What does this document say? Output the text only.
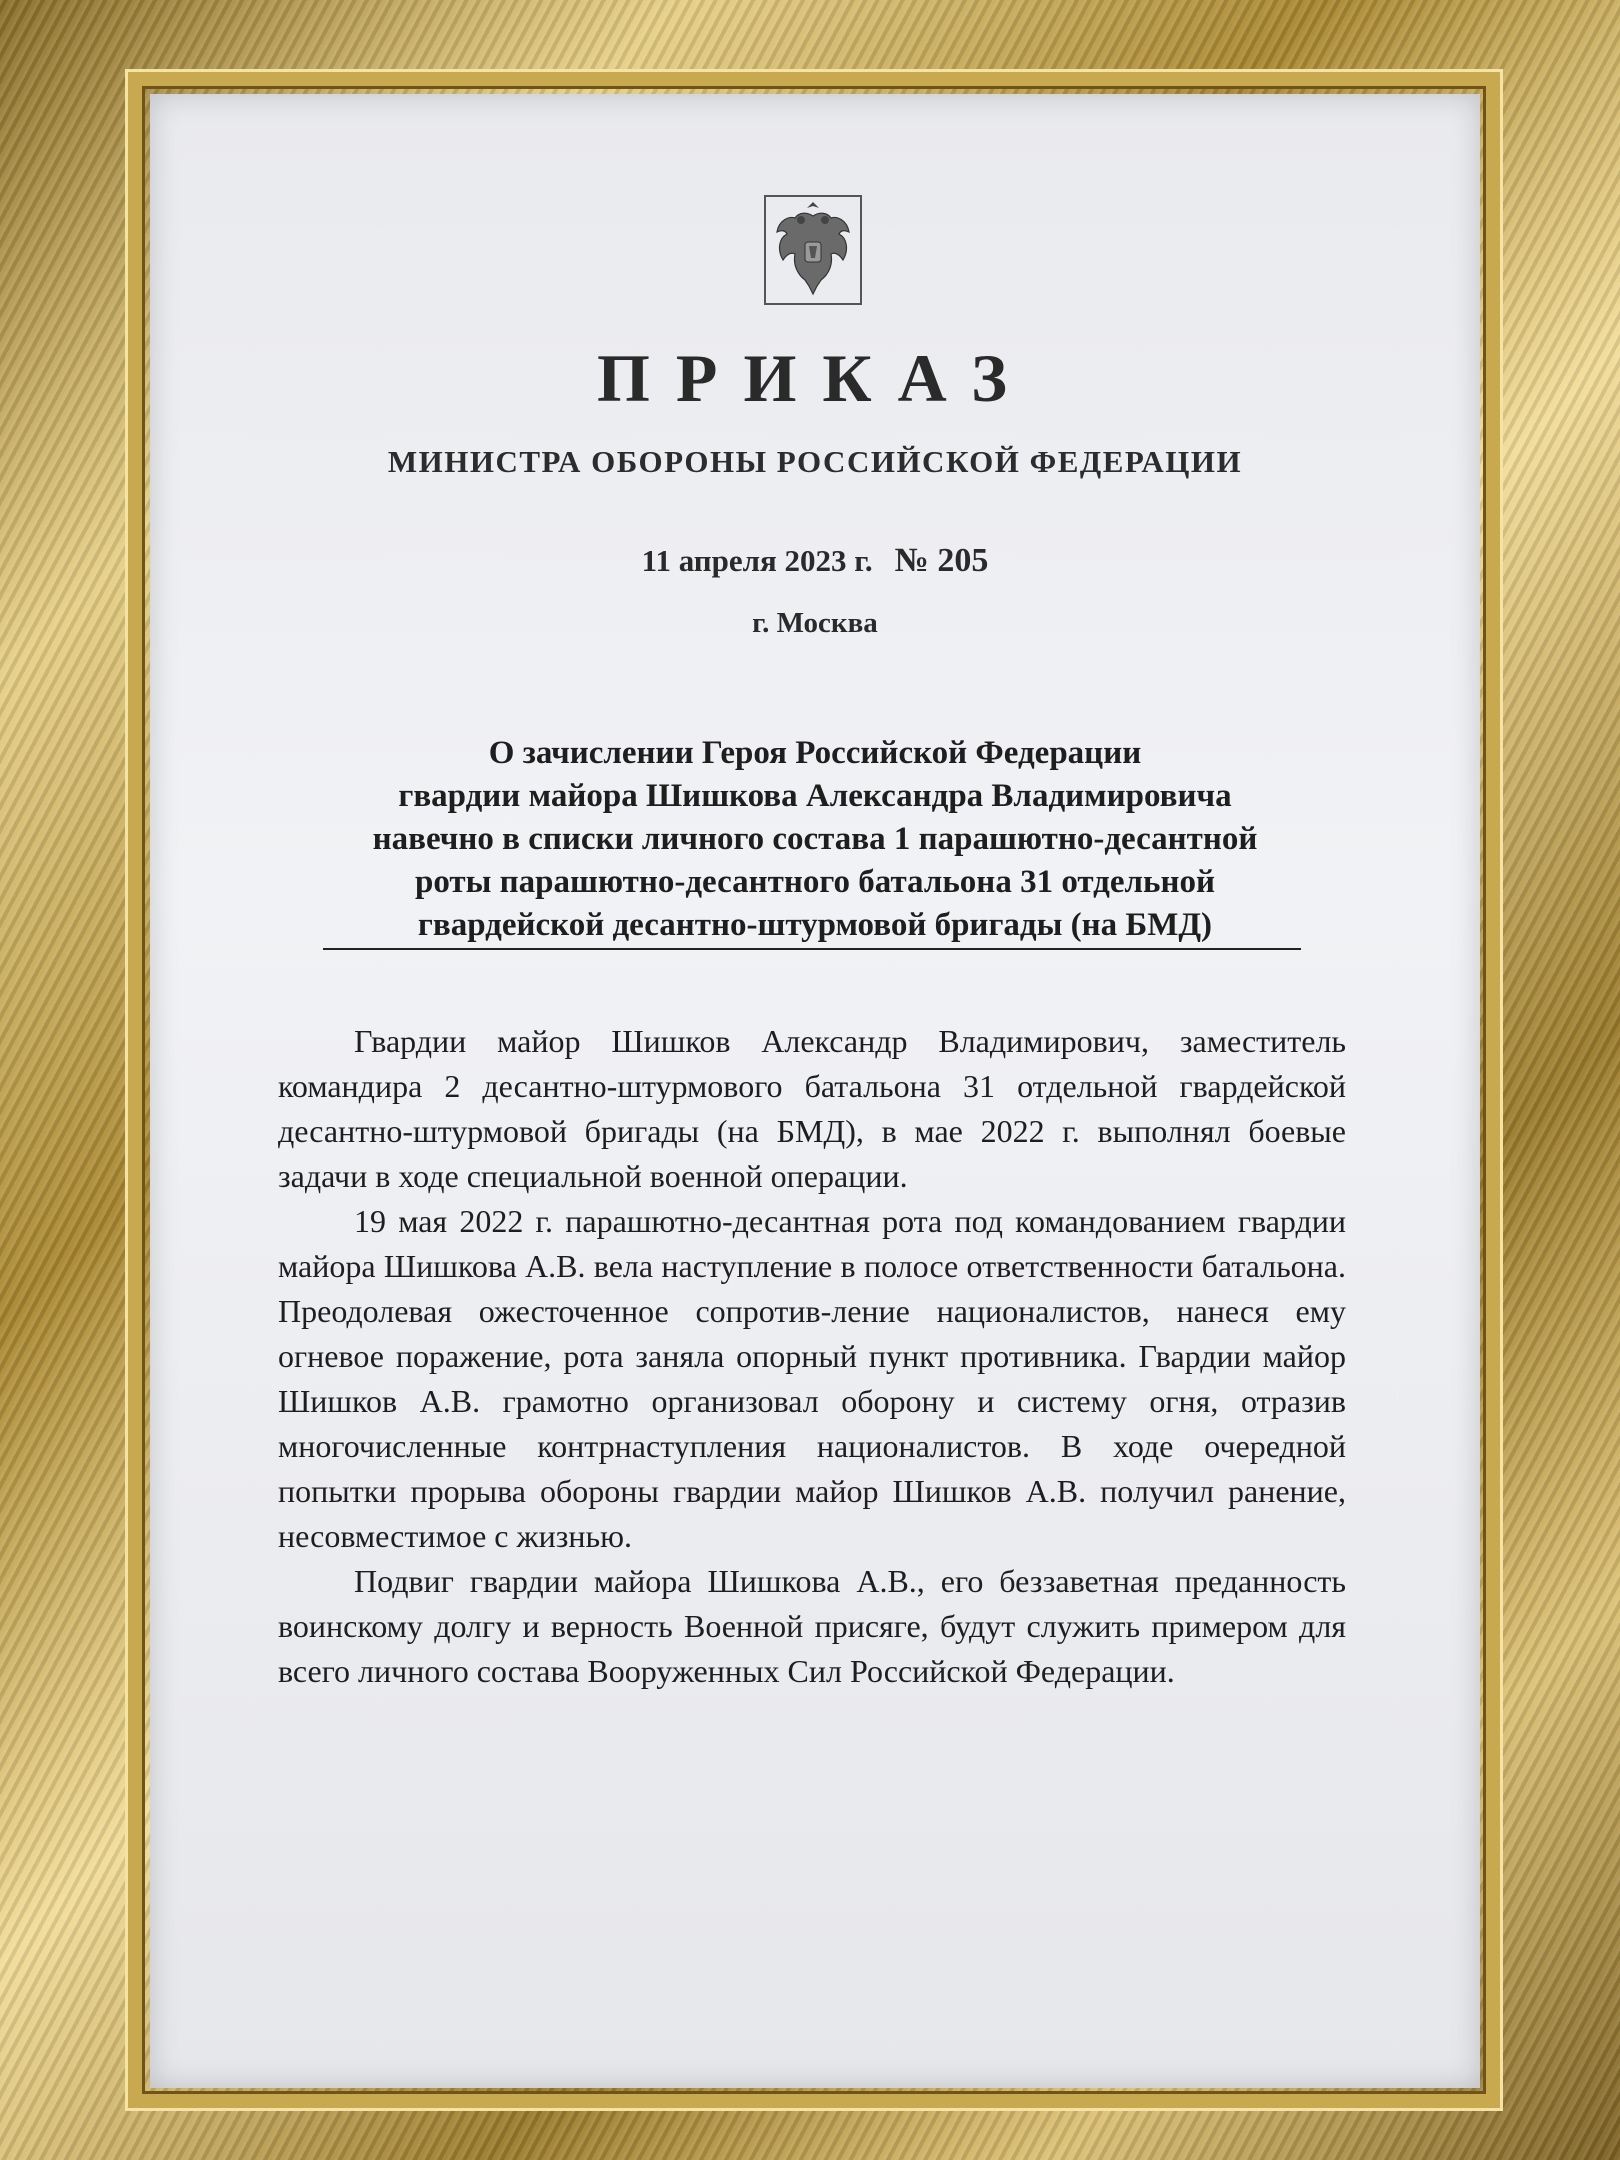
ПРИКАЗ
МИНИСТРА ОБОРОНЫ РОССИЙСКОЙ ФЕДЕРАЦИИ
11 апреля 2023 г. № 205
г. Москва
О зачислении Героя Российской Федерации
гвардии майора Шишкова Александра Владимировича
навечно в списки личного состава 1 парашютно-десантной
роты парашютно-десантного батальона 31 отдельной
гвардейской десантно-штурмовой бригады (на БМД)

Гвардии майор Шишков Александр Владимирович, заместитель командира 2 десантно-штурмового батальона 31 отдельной гвардейской десантно-штурмовой бригады (на БМД), в мае 2022 г. выполнял боевые задачи в ходе специальной военной операции.

19 мая 2022 г. парашютно-десантная рота под командованием гвардии майора Шишкова А.В. вела наступление в полосе ответственности батальона. Преодолевая ожесточенное сопротив-ление националистов, нанеся ему огневое поражение, рота заняла опорный пункт противника. Гвардии майор Шишков А.В. грамотно организовал оборону и систему огня, отразив многочисленные контрнаступления националистов. В ходе очередной попытки прорыва обороны гвардии майор Шишков А.В. получил ранение, несовместимое с жизнью.

Подвиг гвардии майора Шишкова А.В., его беззаветная преданность воинскому долгу и верность Военной присяге, будут служить примером для всего личного состава Вооруженных Сил Российской Федерации.
